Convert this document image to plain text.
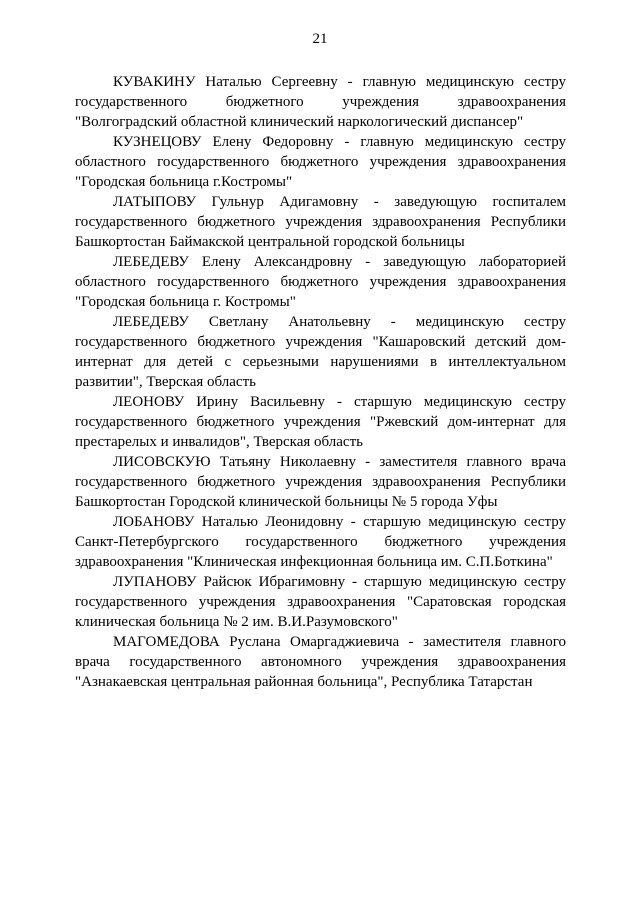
21

КУВАКИНУ Наталью Сергеевну - главную медицинскую сестру государственного бюджетного учреждения здравоохранения "Волгоградский областной клинический наркологический диспансер"

КУЗНЕЦОВУ Елену Федоровну - главную медицинскую сестру областного государственного бюджетного учреждения здравоохранения "Городская больница г.Костромы"

ЛАТЫПОВУ Гульнур Адигамовну - заведующую госпиталем государственного бюджетного учреждения здравоохранения Республики Башкортостан Баймакской центральной городской больницы

ЛЕБЕДЕВУ Елену Александровну - заведующую лабораторией областного государственного бюджетного учреждения здравоохранения "Городская больница г. Костромы"

ЛЕБЕДЕВУ Светлану Анатольевну - медицинскую сестру государственного бюджетного учреждения "Кашаровский детский дом-интернат для детей с серьезными нарушениями в интеллектуальном развитии", Тверская область

ЛЕОНОВУ Ирину Васильевну - старшую медицинскую сестру государственного бюджетного учреждения "Ржевский дом-интернат для престарелых и инвалидов", Тверская область

ЛИСОВСКУЮ Татьяну Николаевну - заместителя главного врача государственного бюджетного учреждения здравоохранения Республики Башкортостан Городской клинической больницы № 5 города Уфы

ЛОБАНОВУ Наталью Леонидовну - старшую медицинскую сестру Санкт-Петербургского государственного бюджетного учреждения здравоохранения "Клиническая инфекционная больница им. С.П.Боткина"

ЛУПАНОВУ Райсюк Ибрагимовну - старшую медицинскую сестру государственного учреждения здравоохранения "Саратовская городская клиническая больница № 2 им. В.И.Разумовского"

МАГОМЕДОВА Руслана Омаргаджиевича - заместителя главного врача государственного автономного учреждения здравоохранения "Азнакаевская центральная районная больница", Республика Татарстан
